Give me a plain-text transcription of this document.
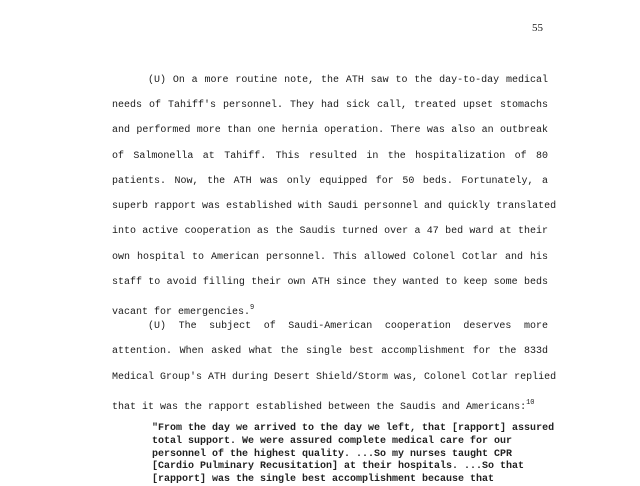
55
(U) On a more routine note, the ATH saw to the day-to-day medical
needs of Tahiff's personnel. They had sick call, treated upset stomachs
and performed more than one hernia operation. There was also an outbreak
of Salmonella at Tahiff. This resulted in the hospitalization of 80
patients. Now, the ATH was only equipped for 50 beds. Fortunately, a
superb rapport was established with Saudi personnel and quickly translated
into active cooperation as the Saudis turned over a 47 bed ward at their
own hospital to American personnel. This allowed Colonel Cotlar and his
staff to avoid filling their own ATH since they wanted to keep some beds
vacant for emergencies.$^9$
(U) The subject of Saudi-American cooperation deserves more
attention. When asked what the single best accomplishment for the 833d
Medical Group's ATH during Desert Shield/Storm was, Colonel Cotlar replied
that it was the rapport established between the Saudis and Americans:$^{10}$
"From the day we arrived to the day we left, that [rapport] assured
total support. We were assured complete medical care for our
personnel of the highest quality. ...So my nurses taught CPR
[Cardio Pulminary Recusitation] at their hospitals. ...So that
[rapport] was the single best accomplishment because that
